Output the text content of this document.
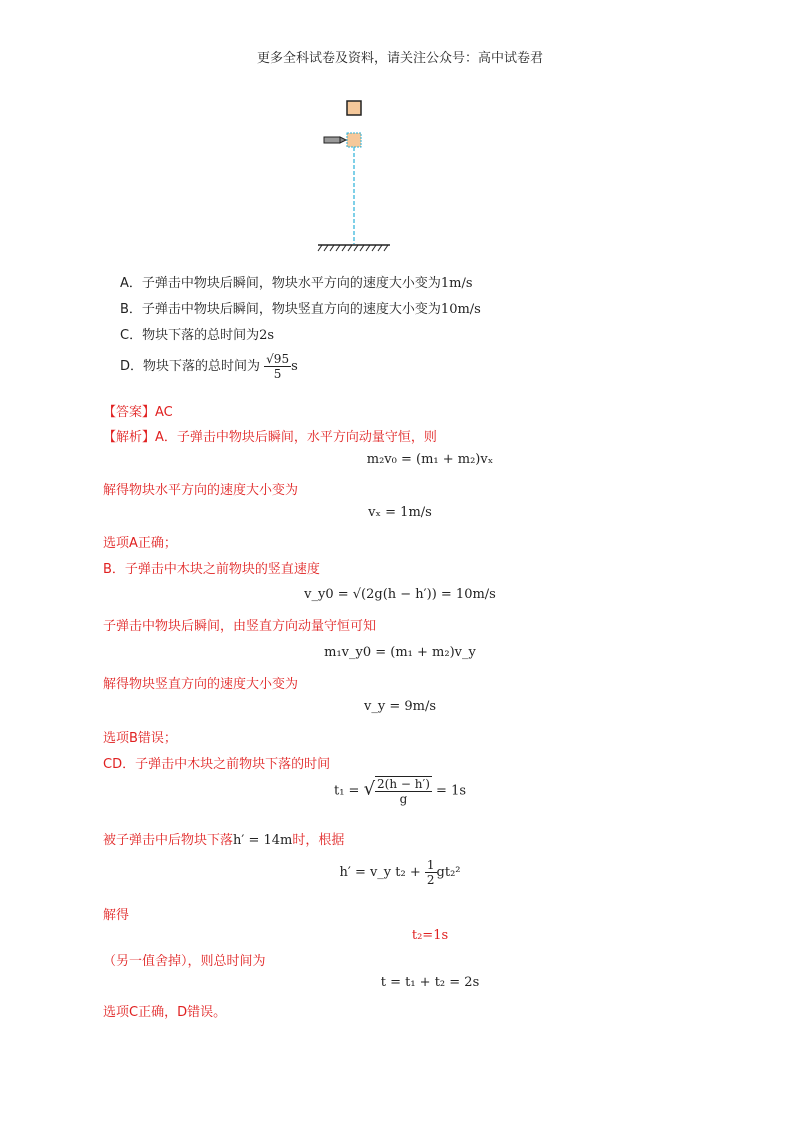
更多全科试卷及资料，请关注公众号：高中试卷君
A．子弹击中物块后瞬间，物块水平方向的速度大小变为1m/s
B．子弹击中物块后瞬间，物块竖直方向的速度大小变为10m/s
C．物块下落的总时间为2s
D．物块下落的总时间为 $\frac{√95}{5}$ s
【答案】AC
【解析】A．子弹击中物块后瞬间，水平方向动量守恒，则
m₂v₀ = (m₁ + m₂)vₓ
解得物块水平方向的速度大小变为
vₓ = 1m/s
选项A正确；
B．子弹击中木块之前物块的竖直速度
v_y0 = √(2g(h − h′)) = 10m/s
子弹击中物块后瞬间，由竖直方向动量守恒可知
m₁v_y0 = (m₁ + m₂)v_y
解得物块竖直方向的速度大小变为
v_y = 9m/s
选项B错误；
CD．子弹击中木块之前物块下落的时间
t₁ = √ $\frac{2(h - h')}{g} = 1s$
被子弹击中后物块下落h′ = 14m时，根据
h′ = v_y $t_2 + \frac{1}{2} gt_2^2$
解得
t₂=1s
（另一值舍掉），则总时间为
t = t₁ + t₂ = 2s
选项C正确，D错误。
